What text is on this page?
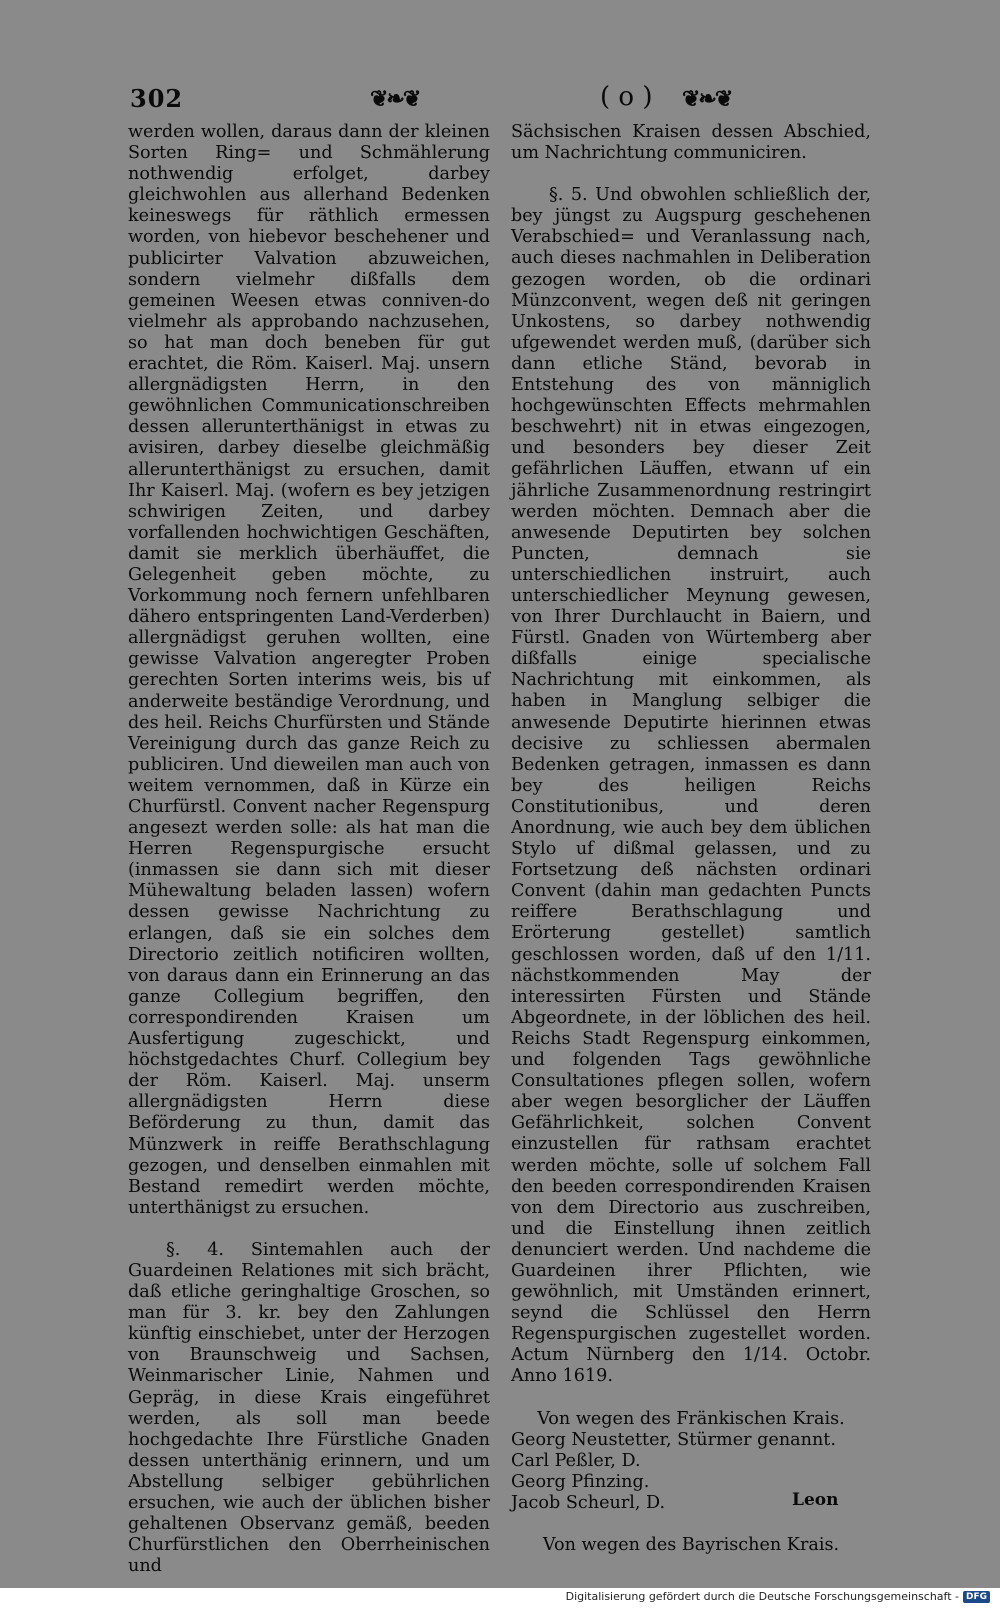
302	❦❧❦	( o ) ❦❧❦

werden wollen, daraus dann der kleinen Sorten Ring= und Schmählerung nothwendig erfolget, darbey gleichwohlen aus allerhand Bedenken keineswegs für räthlich ermessen worden, von hiebevor beschehener und publicirter Valvation abzuweichen, sondern vielmehr dißfalls dem gemeinen Weesen etwas conniven-do vielmehr als approbando nachzusehen, so hat man doch beneben für gut erachtet, die Röm. Kaiserl. Maj. unsern allergnädigsten Herrn, in den gewöhnlichen Communicationschreiben dessen allerunterthänigst in etwas zu avisiren, darbey dieselbe gleichmäßig allerunterthänigst zu ersuchen, damit Ihr Kaiserl. Maj. (wofern es bey jetzigen schwirigen Zeiten, und darbey vorfallenden hochwichtigen Geschäften, damit sie merklich überhäuffet, die Gelegenheit geben möchte, zu Vorkommung noch fernern unfehlbaren dähero entspringenten Land-Verderben) allergnädigst geruhen wollten, eine gewisse Valvation angeregter Proben gerechten Sorten interims weis, bis uf anderweite beständige Verordnung, und des heil. Reichs Churfürsten und Stände Vereinigung durch das ganze Reich zu publiciren. Und dieweilen man auch von weitem vernommen, daß in Kürze ein Churfürstl. Convent nacher Regenspurg angesezt werden solle: als hat man die Herren Regenspurgische ersucht (inmassen sie dann sich mit dieser Mühewaltung beladen lassen) wofern dessen gewisse Nachrichtung zu erlangen, daß sie ein solches dem Directorio zeitlich notificiren wollten, von daraus dann ein Erinnerung an das ganze Collegium begriffen, den correspondirenden Kraisen um Ausfertigung zugeschickt, und höchstgedachtes Churf. Collegium bey der Röm. Kaiserl. Maj. unserm allergnädigsten Herrn diese Beförderung zu thun, damit das Münzwerk in reiffe Berathschlagung gezogen, und denselben einmahlen mit Bestand remedirt werden möchte, unterthänigst zu ersuchen.

§. 4. Sintemahlen auch der Guardeinen Relationes mit sich brächt, daß etliche geringhaltige Groschen, so man für 3. kr. bey den Zahlungen künftig einschiebet, unter der Herzogen von Braunschweig und Sachsen, Weinmarischer Linie, Nahmen und Gepräg, in diese Krais eingeführet werden, als soll man beede hochgedachte Ihre Fürstliche Gnaden dessen unterthänig erinnern, und um Abstellung selbiger gebührlichen ersuchen, wie auch der üblichen bisher gehaltenen Observanz gemäß, beeden Churfürstlichen den Oberrheinischen und

Sächsischen Kraisen dessen Abschied, um Nachrichtung communiciren.

§. 5. Und obwohlen schließlich der, bey jüngst zu Augspurg geschehenen Verabschied= und Veranlassung nach, auch dieses nachmahlen in Deliberation gezogen worden, ob die ordinari Münzconvent, wegen deß nit geringen Unkostens, so darbey nothwendig ufgewendet werden muß, (darüber sich dann etliche Ständ, bevorab in Entstehung des von männiglich hochgewünschten Effects mehrmahlen beschwehrt) nit in etwas eingezogen, und besonders bey dieser Zeit gefährlichen Läuffen, etwann uf ein jährliche Zusammenordnung restringirt werden möchten. Demnach aber die anwesende Deputirten bey solchen Puncten, demnach sie unterschiedlichen instruirt, auch unterschiedlicher Meynung gewesen, von Ihrer Durchlaucht in Baiern, und Fürstl. Gnaden von Würtemberg aber dißfalls einige specialische Nachrichtung mit einkommen, als haben in Manglung selbiger die anwesende Deputirte hierinnen etwas decisive zu schliessen abermalen Bedenken getragen, inmassen es dann bey des heiligen Reichs Constitutionibus, und deren Anordnung, wie auch bey dem üblichen Stylo uf dißmal gelassen, und zu Fortsetzung deß nächsten ordinari Convent (dahin man gedachten Puncts reiffere Berathschlagung und Erörterung gestellet) samtlich geschlossen worden, daß uf den 1/11. nächstkommenden May der interessirten Fürsten und Stände Abgeordnete, in der löblichen des heil. Reichs Stadt Regenspurg einkommen, und folgenden Tags gewöhnliche Consultationes pflegen sollen, wofern aber wegen besorglicher der Läuffen Gefährlichkeit, solchen Convent einzustellen für rathsam erachtet werden möchte, solle uf solchem Fall den beeden correspondirenden Kraisen von dem Directorio aus zuschreiben, und die Einstellung ihnen zeitlich denunciert werden. Und nachdeme die Guardeinen ihrer Pflichten, wie gewöhnlich, mit Umständen erinnert, seynd die Schlüssel den Herrn Regenspurgischen zugestellet worden. Actum Nürnberg den 1/14. Octobr. Anno 1619.

Von wegen des Fränkischen Krais.

Georg Neustetter, Stürmer genannt.
Carl Peßler, D.
Georg Pfinzing.
Jacob Scheurl, D.

Von wegen des Bayrischen Krais.

Leon
Digitalisierung gefördert durch die Deutsche Forschungsgemeinschaft - DFG
